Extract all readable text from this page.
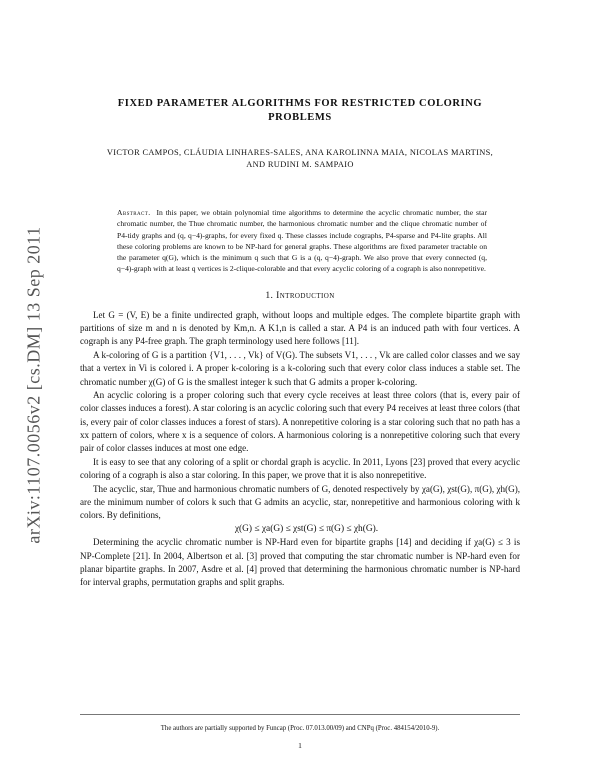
arXiv:1107.0056v2 [cs.DM] 13 Sep 2011
FIXED PARAMETER ALGORITHMS FOR RESTRICTED COLORING
PROBLEMS
VICTOR CAMPOS, CLÁUDIA LINHARES-SALES, ANA KAROLINNA MAIA, NICOLAS MARTINS,
AND RUDINI M. SAMPAIO
Abstract. In this paper, we obtain polynomial time algorithms to determine the acyclic chromatic number, the star chromatic number, the Thue chromatic number, the harmonious chromatic number and the clique chromatic number of P4-tidy graphs and (q, q−4)-graphs, for every fixed q. These classes include cographs, P4-sparse and P4-lite graphs. All these coloring problems are known to be NP-hard for general graphs. These algorithms are fixed parameter tractable on the parameter q(G), which is the minimum q such that G is a (q, q−4)-graph. We also prove that every connected (q, q−4)-graph with at least q vertices is 2-clique-colorable and that every acyclic coloring of a cograph is also nonrepetitive.
1. Introduction

Let G = (V, E) be a finite undirected graph, without loops and multiple edges. The complete bipartite graph with partitions of size m and n is denoted by Km,n. A K1,n is called a star. A P4 is an induced path with four vertices. A cograph is any P4-free graph. The graph terminology used here follows [11].

A k-coloring of G is a partition {V1, . . . , Vk} of V(G). The subsets V1, . . . , Vk are called color classes and we say that a vertex in Vi is colored i. A proper k-coloring is a k-coloring such that every color class induces a stable set. The chromatic number χ(G) of G is the smallest integer k such that G admits a proper k-coloring.

An acyclic coloring is a proper coloring such that every cycle receives at least three colors (that is, every pair of color classes induces a forest). A star coloring is an acyclic coloring such that every P4 receives at least three colors (that is, every pair of color classes induces a forest of stars). A nonrepetitive coloring is a star coloring such that no path has a xx pattern of colors, where x is a sequence of colors. A harmonious coloring is a nonrepetitive coloring such that every pair of color classes induces at most one edge.

It is easy to see that any coloring of a split or chordal graph is acyclic. In 2011, Lyons [23] proved that every acyclic coloring of a cograph is also a star coloring. In this paper, we prove that it is also nonrepetitive.

The acyclic, star, Thue and harmonious chromatic numbers of G, denoted respectively by χa(G), χst(G), π(G), χh(G), are the minimum number of colors k such that G admits an acyclic, star, nonrepetitive and harmonious coloring with k colors. By definitions,

χ(G) ≤ χa(G) ≤ χst(G) ≤ π(G) ≤ χh(G).

Determining the acyclic chromatic number is NP-Hard even for bipartite graphs [14] and deciding if χa(G) ≤ 3 is NP-Complete [21]. In 2004, Albertson et al. [3] proved that computing the star chromatic number is NP-hard even for planar bipartite graphs. In 2007, Asdre et al. [4] proved that determining the harmonious chromatic number is NP-hard for interval graphs, permutation graphs and split graphs.

The authors are partially supported by Funcap (Proc. 07.013.00/09) and CNPq (Proc. 484154/2010-9).
1
